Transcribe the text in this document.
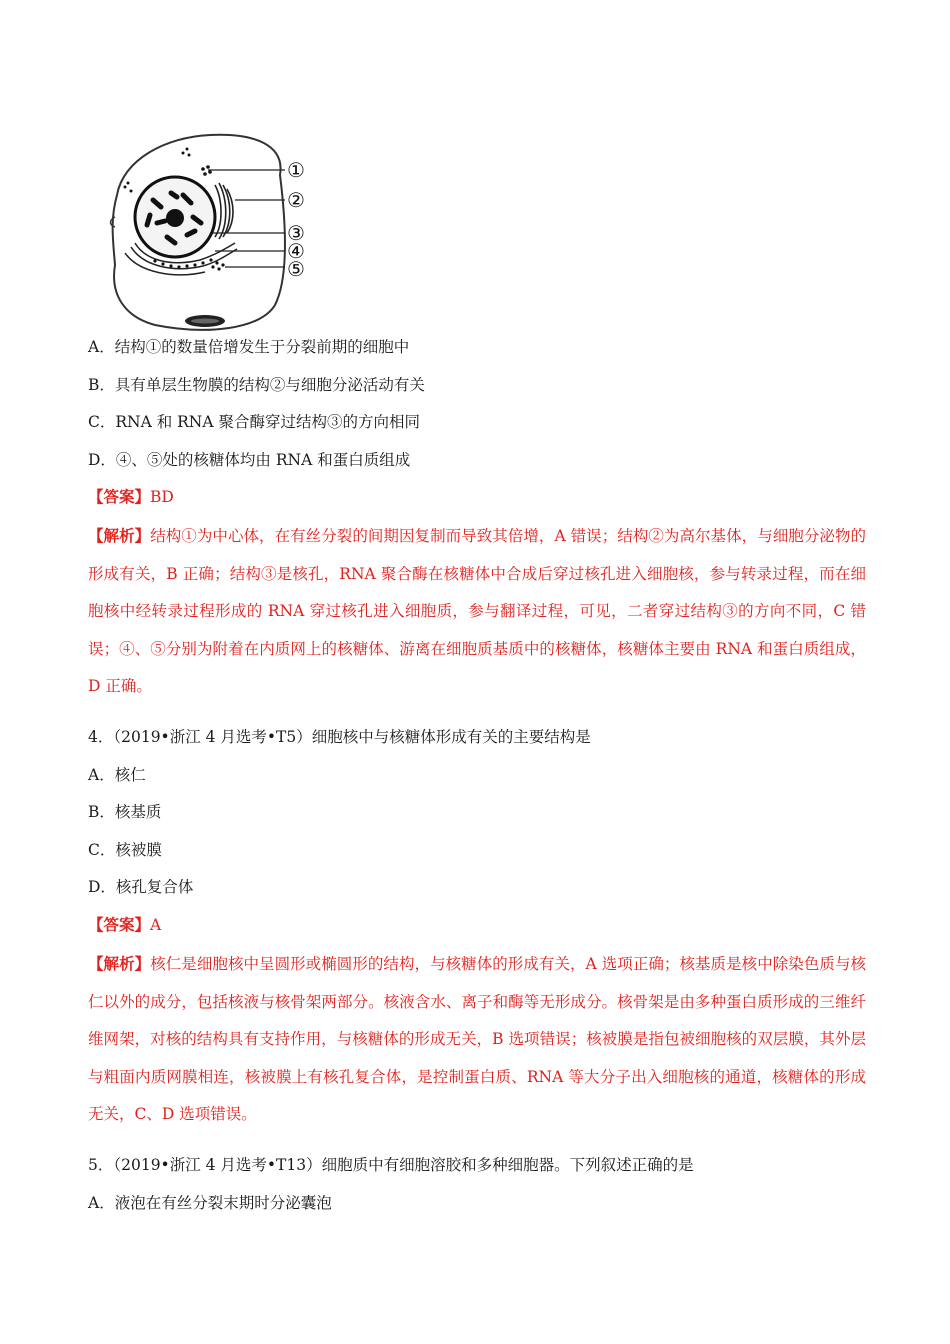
①
②
③
④
⑤
A．结构①的数量倍增发生于分裂前期的细胞中
B．具有单层生物膜的结构②与细胞分泌活动有关
C．RNA 和 RNA 聚合酶穿过结构③的方向相同
D．④、⑤处的核糖体均由 RNA 和蛋白质组成
【答案】BD
【解析】结构①为中心体，在有丝分裂的间期因复制而导致其倍增，A 错误；结构②为高尔基体，与细胞分泌物的形成有关，B 正确；结构③是核孔，RNA 聚合酶在核糖体中合成后穿过核孔进入细胞核，参与转录过程，而在细胞核中经转录过程形成的 RNA 穿过核孔进入细胞质，参与翻译过程，可见，二者穿过结构③的方向不同，C 错误；④、⑤分别为附着在内质网上的核糖体、游离在细胞质基质中的核糖体，核糖体主要由 RNA 和蛋白质组成，D 正确。
4．（2019•浙江 4 月选考•T5）细胞核中与核糖体形成有关的主要结构是
A．核仁
B．核基质
C．核被膜
D．核孔复合体
【答案】A
【解析】核仁是细胞核中呈圆形或椭圆形的结构，与核糖体的形成有关，A 选项正确；核基质是核中除染色质与核仁以外的成分，包括核液与核骨架两部分。核液含水、离子和酶等无形成分。核骨架是由多种蛋白质形成的三维纤维网架，对核的结构具有支持作用，与核糖体的形成无关，B 选项错误；核被膜是指包被细胞核的双层膜，其外层与粗面内质网膜相连，核被膜上有核孔复合体，是控制蛋白质、RNA 等大分子出入细胞核的通道，核糖体的形成无关，C、D 选项错误。
5．（2019•浙江 4 月选考•T13）细胞质中有细胞溶胶和多种细胞器。下列叙述正确的是
A．液泡在有丝分裂末期时分泌囊泡
